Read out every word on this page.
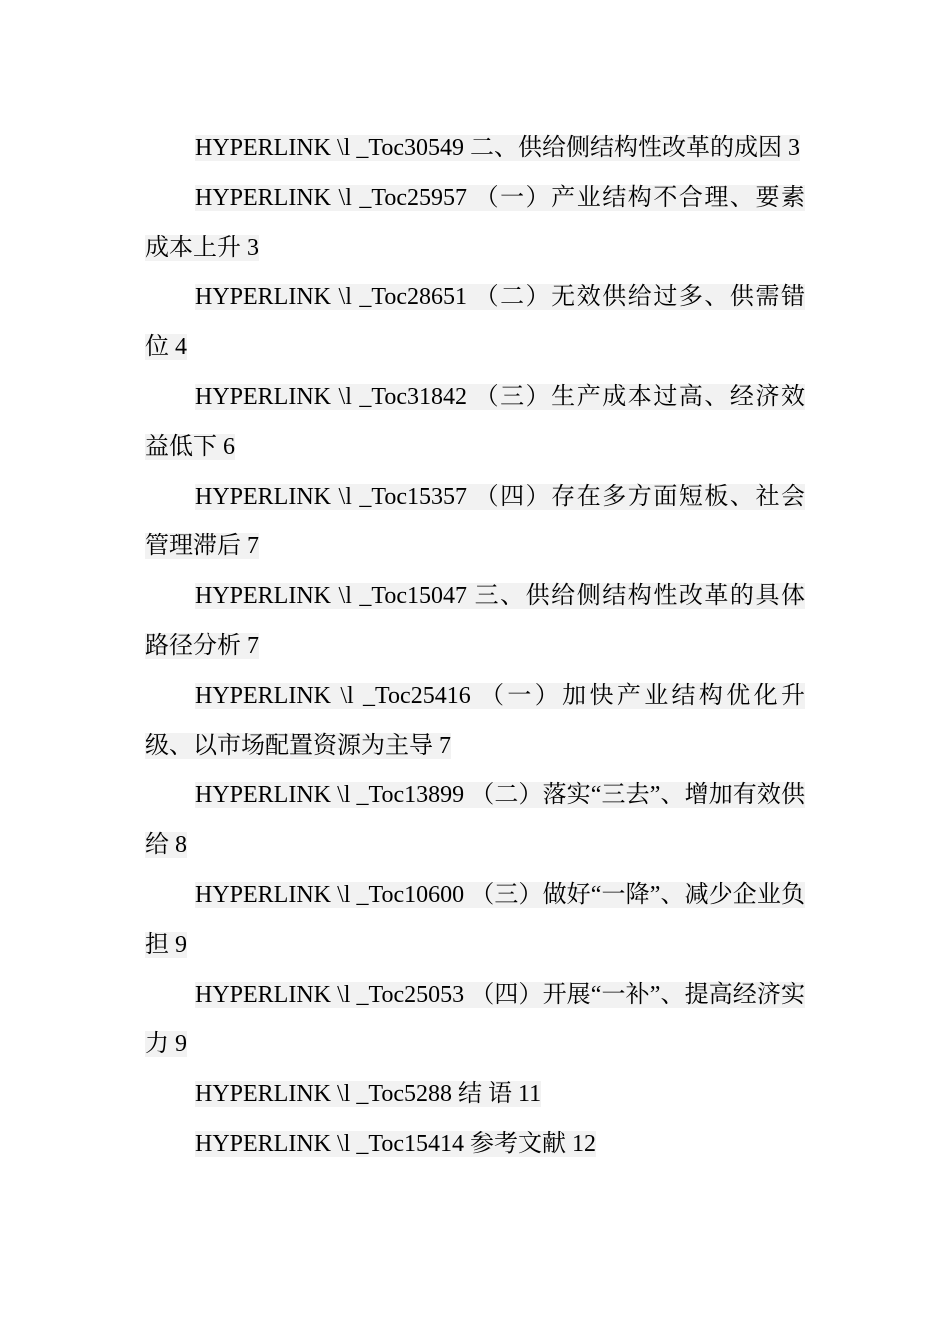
HYPERLINK \l _Toc30549 二、供给侧结构性改革的成因 3

HYPERLINK \l _Toc25957 （一）产业结构不合理、要素成本上升 3

HYPERLINK \l _Toc28651 （二）无效供给过多、供需错位 4

HYPERLINK \l _Toc31842 （三）生产成本过高、经济效益低下 6

HYPERLINK \l _Toc15357 （四）存在多方面短板、社会管理滞后 7

HYPERLINK \l _Toc15047 三、供给侧结构性改革的具体路径分析 7

HYPERLINK \l _Toc25416 （一）加快产业结构优化升级、以市场配置资源为主导 7

HYPERLINK \l _Toc13899 （二）落实“三去”、增加有效供给 8

HYPERLINK \l _Toc10600 （三）做好“一降”、减少企业负担 9

HYPERLINK \l _Toc25053 （四）开展“一补”、提高经济实力 9

HYPERLINK \l _Toc5288 结 语 11

HYPERLINK \l _Toc15414 参考文献 12
